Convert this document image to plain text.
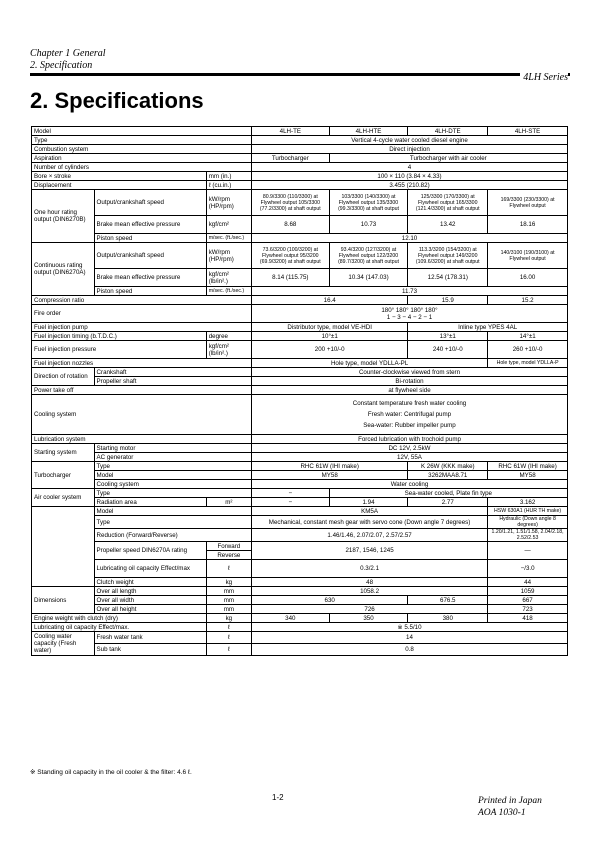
Chapter 1 General
2. Specification
4LH Series
2. Specifications
Model			4LH-TE	4LH-HTE	4LH-DTE	4LH-STE
Type			Vertical 4-cycle water cooled diesel engine			
Combustion system			Direct injection			
Aspiration			Turbocharger	Turbocharger with air cooler		
Number of cylinders			4			
Bore × stroke		mm (in.)	100 × 110 (3.84 × 4.33)			
Displacement		ℓ (cu.in.)	3.455 (210.82)			
One hour rating output (DIN6270B)	Output/crankshaft speed	kW/rpm (HP/rpm)	80.9/3300 (110/3300) at Flywheel output 105/3300 (77.2/3300) at shaft output	103/3300 (140/3300) at Flywheel output 135/3300 (99.3/3300) at shaft output	125/3300 (170/3300) at Flywheel output 165/3300 (121.4/3300) at shaft output	169/3300 (230/3300) at Flywheel output
	Brake mean effective pressure	kgf/cm²	8.68	10.73	13.42	18.16
	Piston speed	m/sec. (ft./sec.)	12.10			
Continuous rating output (DIN6270A)	Output/crankshaft speed	kW/rpm (HP/rpm)	73.6/3200 (100/3200) at Flywheel output 95/3200 (69.9/3200) at shaft output	93.4/3200 (127/3200) at Flywheel output 122/3200 (89.7/3200) at shaft output	113.3/3200 (154/3200) at Flywheel output 149/3200 (109.6/3200) at shaft output	140/3100 (190/3100) at Flywheel output
	Brake mean effective pressure	kgf/cm² (lb/in².)	8.14 (115.75)	10.34 (147.03)	12.54 (178.31)	16.00
	Piston speed	m/sec. (ft./sec.)	11.73			
Compression ratio			16.4		15.9	15.2
Fire order			180° 180° 180° 180°
1 − 3 − 4 − 2 − 1			

Fuel injection pump			Distributor type, model VE-HDI		Inline type YPES 4AL	
Fuel injection timing (b.T.D.C.)		degree	10°±1		13°±1	14°±1
Fuel injection pressure		kgf/cm² (lb/in².)	200 +10/-0		240 +10/-0	260 +10/-0
Fuel injection nozzles			Hole type, model YDLLA-PL			Hole type, model YDLLA-P
Direction of rotation	Crankshaft		Counter-clockwise viewed from stern			
	Propeller shaft		Bi-rotation			
Power take off			at flywheel side			
Cooling system			Constant temperature fresh water cooling
Fresh water: Centrifugal pump
Sea-water: Rubber impeller pump			

Lubrication system			Forced lubrication with trochoid pump			
Starting system	Starting motor		DC 12V, 2.5kW			
	AC generator		12V, 55A			
Turbocharger	Type		RHC 61W (IHI make)		K 26W (KKK make)	RHC 61W (IHI make)
	Model		MY58		3262MAA8.71	MY58
	Cooling system		Water cooling			
Air cooler system	Type		−	Sea-water cooled, Plate fin type		
	Radiation area	m²	−	1.94	2.77	3.162
	Model		KM5A			HSW 630A1 (HUR TH make)
	Type		Mechanical, constant mesh gear with servo cone (Down angle 7 degrees)			Hydraulic (Down angle 8 degrees)
	Reduction (Forward/Reverse)		1.46/1.46, 2.07/2.07, 2.57/2.57			1.20/1.21, 1.51/1.58, 2.04/2.18, 2.52/2.53
	Propeller speed DIN6270A rating	Forward	2187, 1546, 1245			—
		Reverse				
	Lubricating oil capacity Effect/max	ℓ	0.3/2.1			−/3.0
	Clutch weight	kg	48			44
Dimensions	Over all length	mm	1058.2			1059
	Over all width	mm	630		676.5	667
	Over all height	mm	726			723
Engine weight with clutch (dry)		kg	340	350	380	418
Lubricating oil capacity Effect/max.		ℓ	※ 5.5/10			
Cooling water capacity (Fresh water)	Fresh water tank	ℓ	14			
	Sub tank	ℓ	0.8			
※ Standing oil capacity in the oil cooler & the filter: 4.6 ℓ.
1-2	Printed in Japan
AOA 1030-1
